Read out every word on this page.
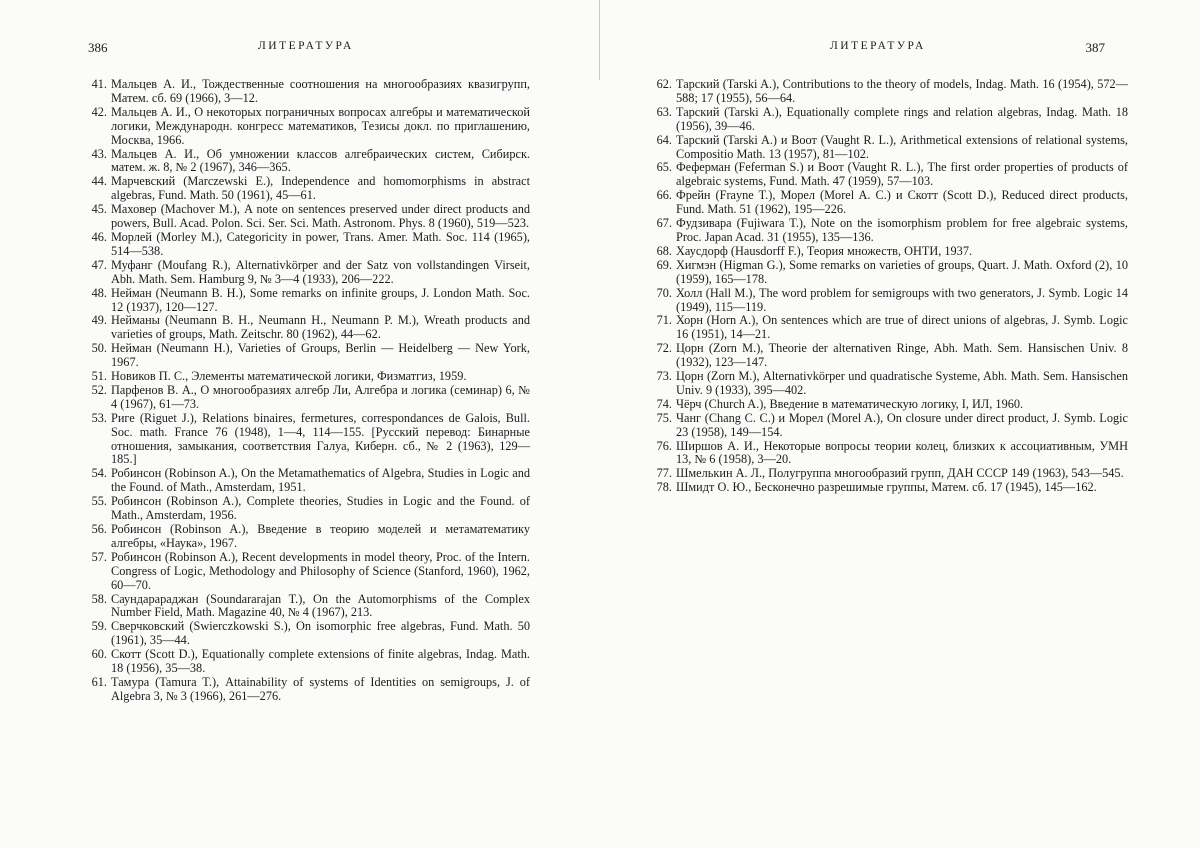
386	ЛИТЕРАТУРА

41. Мальцев А. И., Тождественные соотношения на многообразиях квазигрупп, Матем. сб. 69 (1966), 3—12.

42. Мальцев А. И., О некоторых пограничных вопросах алгебры и математической логики, Международн. конгресс математиков, Тезисы докл. по приглашению, Москва, 1966.

43. Мальцев А. И., Об умножении классов алгебраических систем, Сибирск. матем. ж. 8, № 2 (1967), 346—365.

44. Марчевский (Marczewski E.), Independence and homomorphisms in abstract algebras, Fund. Math. 50 (1961), 45—61.

45. Маховер (Machover M.), A note on sentences preserved under direct products and powers, Bull. Acad. Polon. Sci. Ser. Sci. Math. Astronom. Phys. 8 (1960), 519—523.

46. Морлей (Morley M.), Categoricity in power, Trans. Amer. Math. Soc. 114 (1965), 514—538.

47. Муфанг (Moufang R.), Alternativkörper and der Satz von vollstandingen Virseit, Abh. Math. Sem. Hamburg 9, № 3—4 (1933), 206—222.

48. Нейман (Neumann B. H.), Some remarks on infinite groups, J. London Math. Soc. 12 (1937), 120—127.

49. Нейманы (Neumann B. H., Neumann H., Neumann P. M.), Wreath products and varieties of groups, Math. Zeitschr. 80 (1962), 44—62.

50. Нейман (Neumann H.), Varieties of Groups, Berlin — Heidelberg — New York, 1967.

51. Новиков П. С., Элементы математической логики, Физматгиз, 1959.

52. Парфенов В. А., О многообразиях алгебр Ли, Алгебра и логика (семинар) 6, № 4 (1967), 61—73.

53. Риге (Riguet J.), Relations binaires, fermetures, correspondances de Galois, Bull. Soc. math. France 76 (1948), 1—4, 114—155. [Русский перевод: Бинарные отношения, замыкания, соответствия Галуа, Киберн. сб., № 2 (1963), 129—185.]

54. Робинсон (Robinson A.), On the Metamathematics of Algebra, Studies in Logic and the Found. of Math., Amsterdam, 1951.

55. Робинсон (Robinson A.), Complete theories, Studies in Logic and the Found. of Math., Amsterdam, 1956.

56. Робинсон (Robinson A.), Введение в теорию моделей и метаматематику алгебры, «Наука», 1967.

57. Робинсон (Robinson A.), Recent developments in model theory, Proc. of the Intern. Congress of Logic, Methodology and Philosophy of Science (Stanford, 1960), 1962, 60—70.

58. Саундарараджан (Soundararajan T.), On the Automorphisms of the Complex Number Field, Math. Magazine 40, № 4 (1967), 213.

59. Сверчковский (Swierczkowski S.), On isomorphic free algebras, Fund. Math. 50 (1961), 35—44.

60. Скотт (Scott D.), Equationally complete extensions of finite algebras, Indag. Math. 18 (1956), 35—38.

61. Тамура (Tamura T.), Attainability of systems of Identities on semigroups, J. of Algebra 3, № 3 (1966), 261—276.

ЛИТЕРАТУРА	387

62. Тарский (Tarski A.), Contributions to the theory of models, Indag. Math. 16 (1954), 572—588; 17 (1955), 56—64.

63. Тарский (Tarski A.), Equationally complete rings and relation algebras, Indag. Math. 18 (1956), 39—46.

64. Тарский (Tarski A.) и Воот (Vaught R. L.), Arithmetical extensions of relational systems, Compositio Math. 13 (1957), 81—102.

65. Феферман (Feferman S.) и Воот (Vaught R. L.), The first order properties of products of algebraic systems, Fund. Math. 47 (1959), 57—103.

66. Фрейн (Frayne T.), Морел (Morel A. C.) и Скотт (Scott D.), Reduced direct products, Fund. Math. 51 (1962), 195—226.

67. Фудзивара (Fujiwara T.), Note on the isomorphism problem for free algebraic systems, Proc. Japan Acad. 31 (1955), 135—136.

68. Хаусдорф (Hausdorff F.), Теория множеств, ОНТИ, 1937.

69. Хигмэн (Higman G.), Some remarks on varieties of groups, Quart. J. Math. Oxford (2), 10 (1959), 165—178.

70. Холл (Hall M.), The word problem for semigroups with two generators, J. Symb. Logic 14 (1949), 115—119.

71. Хорн (Horn A.), On sentences which are true of direct unions of algebras, J. Symb. Logic 16 (1951), 14—21.

72. Цорн (Zorn M.), Theorie der alternativen Ringe, Abh. Math. Sem. Hansischen Univ. 8 (1932), 123—147.

73. Цорн (Zorn M.), Alternativkörper und quadratische Systeme, Abh. Math. Sem. Hansischen Univ. 9 (1933), 395—402.

74. Чёрч (Church A.), Введение в математическую логику, I, ИЛ, 1960.

75. Чанг (Chang C. C.) и Морел (Morel A.), On closure under direct product, J. Symb. Logic 23 (1958), 149—154.

76. Ширшов А. И., Некоторые вопросы теории колец, близких к ассоциативным, УМН 13, № 6 (1958), 3—20.

77. Шмелькин А. Л., Полугруппа многообразий групп, ДАН СССР 149 (1963), 543—545.

78. Шмидт О. Ю., Бесконечно разрешимые группы, Матем. сб. 17 (1945), 145—162.
